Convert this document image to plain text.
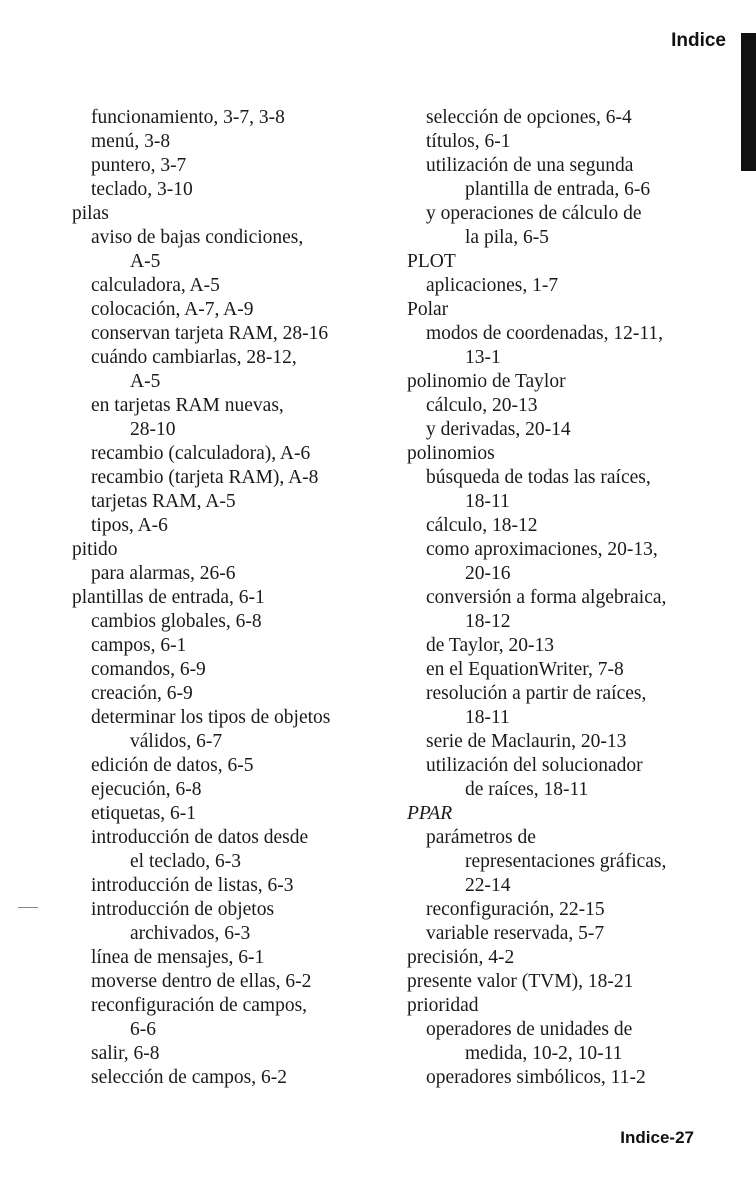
Indice
funcionamiento, 3-7, 3-8
menú, 3-8
puntero, 3-7
teclado, 3-10
pilas
aviso de bajas condiciones,
A-5
calculadora, A-5
colocación, A-7, A-9
conservan tarjeta RAM, 28-16
cuándo cambiarlas, 28-12,
A-5
en tarjetas RAM nuevas,
28-10
recambio (calculadora), A-6
recambio (tarjeta RAM), A-8
tarjetas RAM, A-5
tipos, A-6
pitido
para alarmas, 26-6
plantillas de entrada, 6-1
cambios globales, 6-8
campos, 6-1
comandos, 6-9
creación, 6-9
determinar los tipos de objetos
válidos, 6-7
edición de datos, 6-5
ejecución, 6-8
etiquetas, 6-1
introducción de datos desde
el teclado, 6-3
introducción de listas, 6-3
introducción de objetos
archivados, 6-3
línea de mensajes, 6-1
moverse dentro de ellas, 6-2
reconfiguración de campos,
6-6
salir, 6-8
selección de campos, 6-2
selección de opciones, 6-4
títulos, 6-1
utilización de una segunda
plantilla de entrada, 6-6
y operaciones de cálculo de
la pila, 6-5
PLOT
aplicaciones, 1-7
Polar
modos de coordenadas, 12-11,
13-1
polinomio de Taylor
cálculo, 20-13
y derivadas, 20-14
polinomios
búsqueda de todas las raíces,
18-11
cálculo, 18-12
como aproximaciones, 20-13,
20-16
conversión a forma algebraica,
18-12
de Taylor, 20-13
en el EquationWriter, 7-8
resolución a partir de raíces,
18-11
serie de Maclaurin, 20-13
utilización del solucionador
de raíces, 18-11
PPAR
parámetros de
representaciones gráficas,
22-14
reconfiguración, 22-15
variable reservada, 5-7
precisión, 4-2
presente valor (TVM), 18-21
prioridad
operadores de unidades de
medida, 10-2, 10-11
operadores simbólicos, 11-2
Indice-27
